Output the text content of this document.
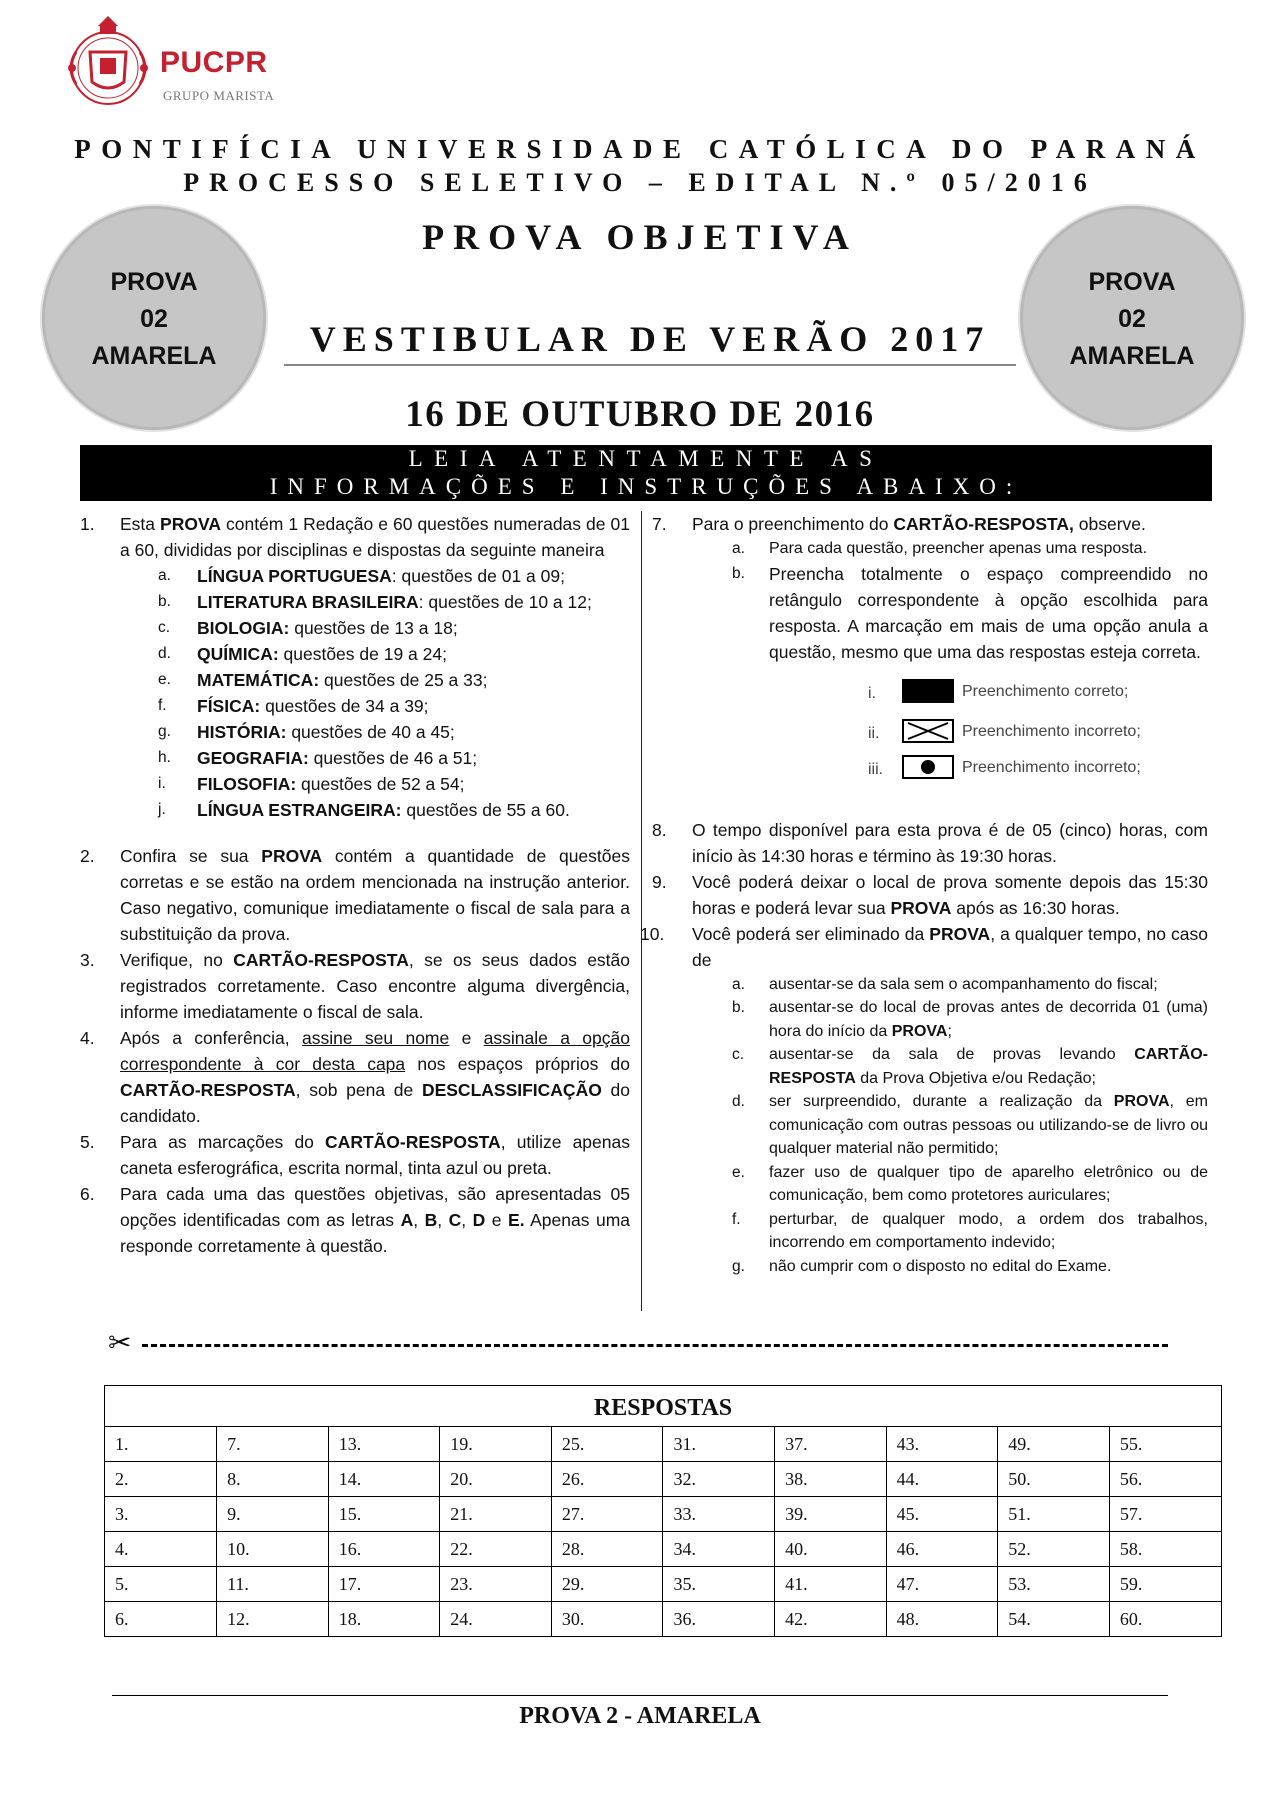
PUCPR
GRUPO MARISTA
PONTIFÍCIA UNIVERSIDADE CATÓLICA DO PARANÁ
PROCESSO SELETIVO – EDITAL N.º 05/2016
PROVA OBJETIVA
PROVA
02
AMARELA
PROVA
02
AMARELA
VESTIBULAR DE VERÃO 2017
16 DE OUTUBRO DE 2016
LEIA ATENTAMENTE AS
INFORMAÇÕES E INSTRUÇÕES ABAIXO:
1. Esta PROVA contém 1 Redação e 60 questões numeradas de 01 a 60, divididas por disciplinas e dispostas da seguinte maneira
a. LÍNGUA PORTUGUESA: questões de 01 a 09;
b. LITERATURA BRASILEIRA: questões de 10 a 12;
c. BIOLOGIA: questões de 13 a 18;
d. QUÍMICA: questões de 19 a 24;
e. MATEMÁTICA: questões de 25 a 33;
f. FÍSICA: questões de 34 a 39;
g. HISTÓRIA: questões de 40 a 45;
h. GEOGRAFIA: questões de 46 a 51;
i. FILOSOFIA: questões de 52 a 54;
j. LÍNGUA ESTRANGEIRA: questões de 55 a 60.
2. Confira se sua PROVA contém a quantidade de questões corretas e se estão na ordem mencionada na instrução anterior. Caso negativo, comunique imediatamente o fiscal de sala para a substituição da prova.
3. Verifique, no CARTÃO-RESPOSTA, se os seus dados estão registrados corretamente. Caso encontre alguma divergência, informe imediatamente o fiscal de sala.
4. Após a conferência, assine seu nome e assinale a opção correspondente à cor desta capa nos espaços próprios do CARTÃO-RESPOSTA, sob pena de DESCLASSIFICAÇÃO do candidato.
5. Para as marcações do CARTÃO-RESPOSTA, utilize apenas caneta esferográfica, escrita normal, tinta azul ou preta.
6. Para cada uma das questões objetivas, são apresentadas 05 opções identificadas com as letras A, B, C, D e E. Apenas uma responde corretamente à questão.
7. Para o preenchimento do CARTÃO-RESPOSTA, observe.
a. Para cada questão, preencher apenas uma resposta.
b. Preencha totalmente o espaço compreendido no retângulo correspondente à opção escolhida para resposta. A marcação em mais de uma opção anula a questão, mesmo que uma das respostas esteja correta.
i.	Preenchimento correto;
ii. ☒ Preenchimento incorreto;
iii.	Preenchimento incorreto;
8. O tempo disponível para esta prova é de 05 (cinco) horas, com início às 14:30 horas e término às 19:30 horas.
9. Você poderá deixar o local de prova somente depois das 15:30 horas e poderá levar sua PROVA após as 16:30 horas.
10. Você poderá ser eliminado da PROVA, a qualquer tempo, no caso de
a. ausentar-se da sala sem o acompanhamento do fiscal;
b. ausentar-se do local de provas antes de decorrida 01 (uma) hora do início da PROVA;
c. ausentar-se da sala de provas levando CARTÃO-RESPOSTA da Prova Objetiva e/ou Redação;
d. ser surpreendido, durante a realização da PROVA, em comunicação com outras pessoas ou utilizando-se de livro ou qualquer material não permitido;
e. fazer uso de qualquer tipo de aparelho eletrônico ou de comunicação, bem como protetores auriculares;
f. perturbar, de qualquer modo, a ordem dos trabalhos, incorrendo em comportamento indevido;
g. não cumprir com o disposto no edital do Exame.
✂
RESPOSTAS
1.	7.	13.	19.	25.	31.	37.	43.	49.	55.
2.	8.	14.	20.	26.	32.	38.	44.	50.	56.
3.	9.	15.	21.	27.	33.	39.	45.	51.	57.
4.	10.	16.	22.	28.	34.	40.	46.	52.	58.
5.	11.	17.	23.	29.	35.	41.	47.	53.	59.
6.	12.	18.	24.	30.	36.	42.	48.	54.	60.
PROVA 2 - AMARELA
